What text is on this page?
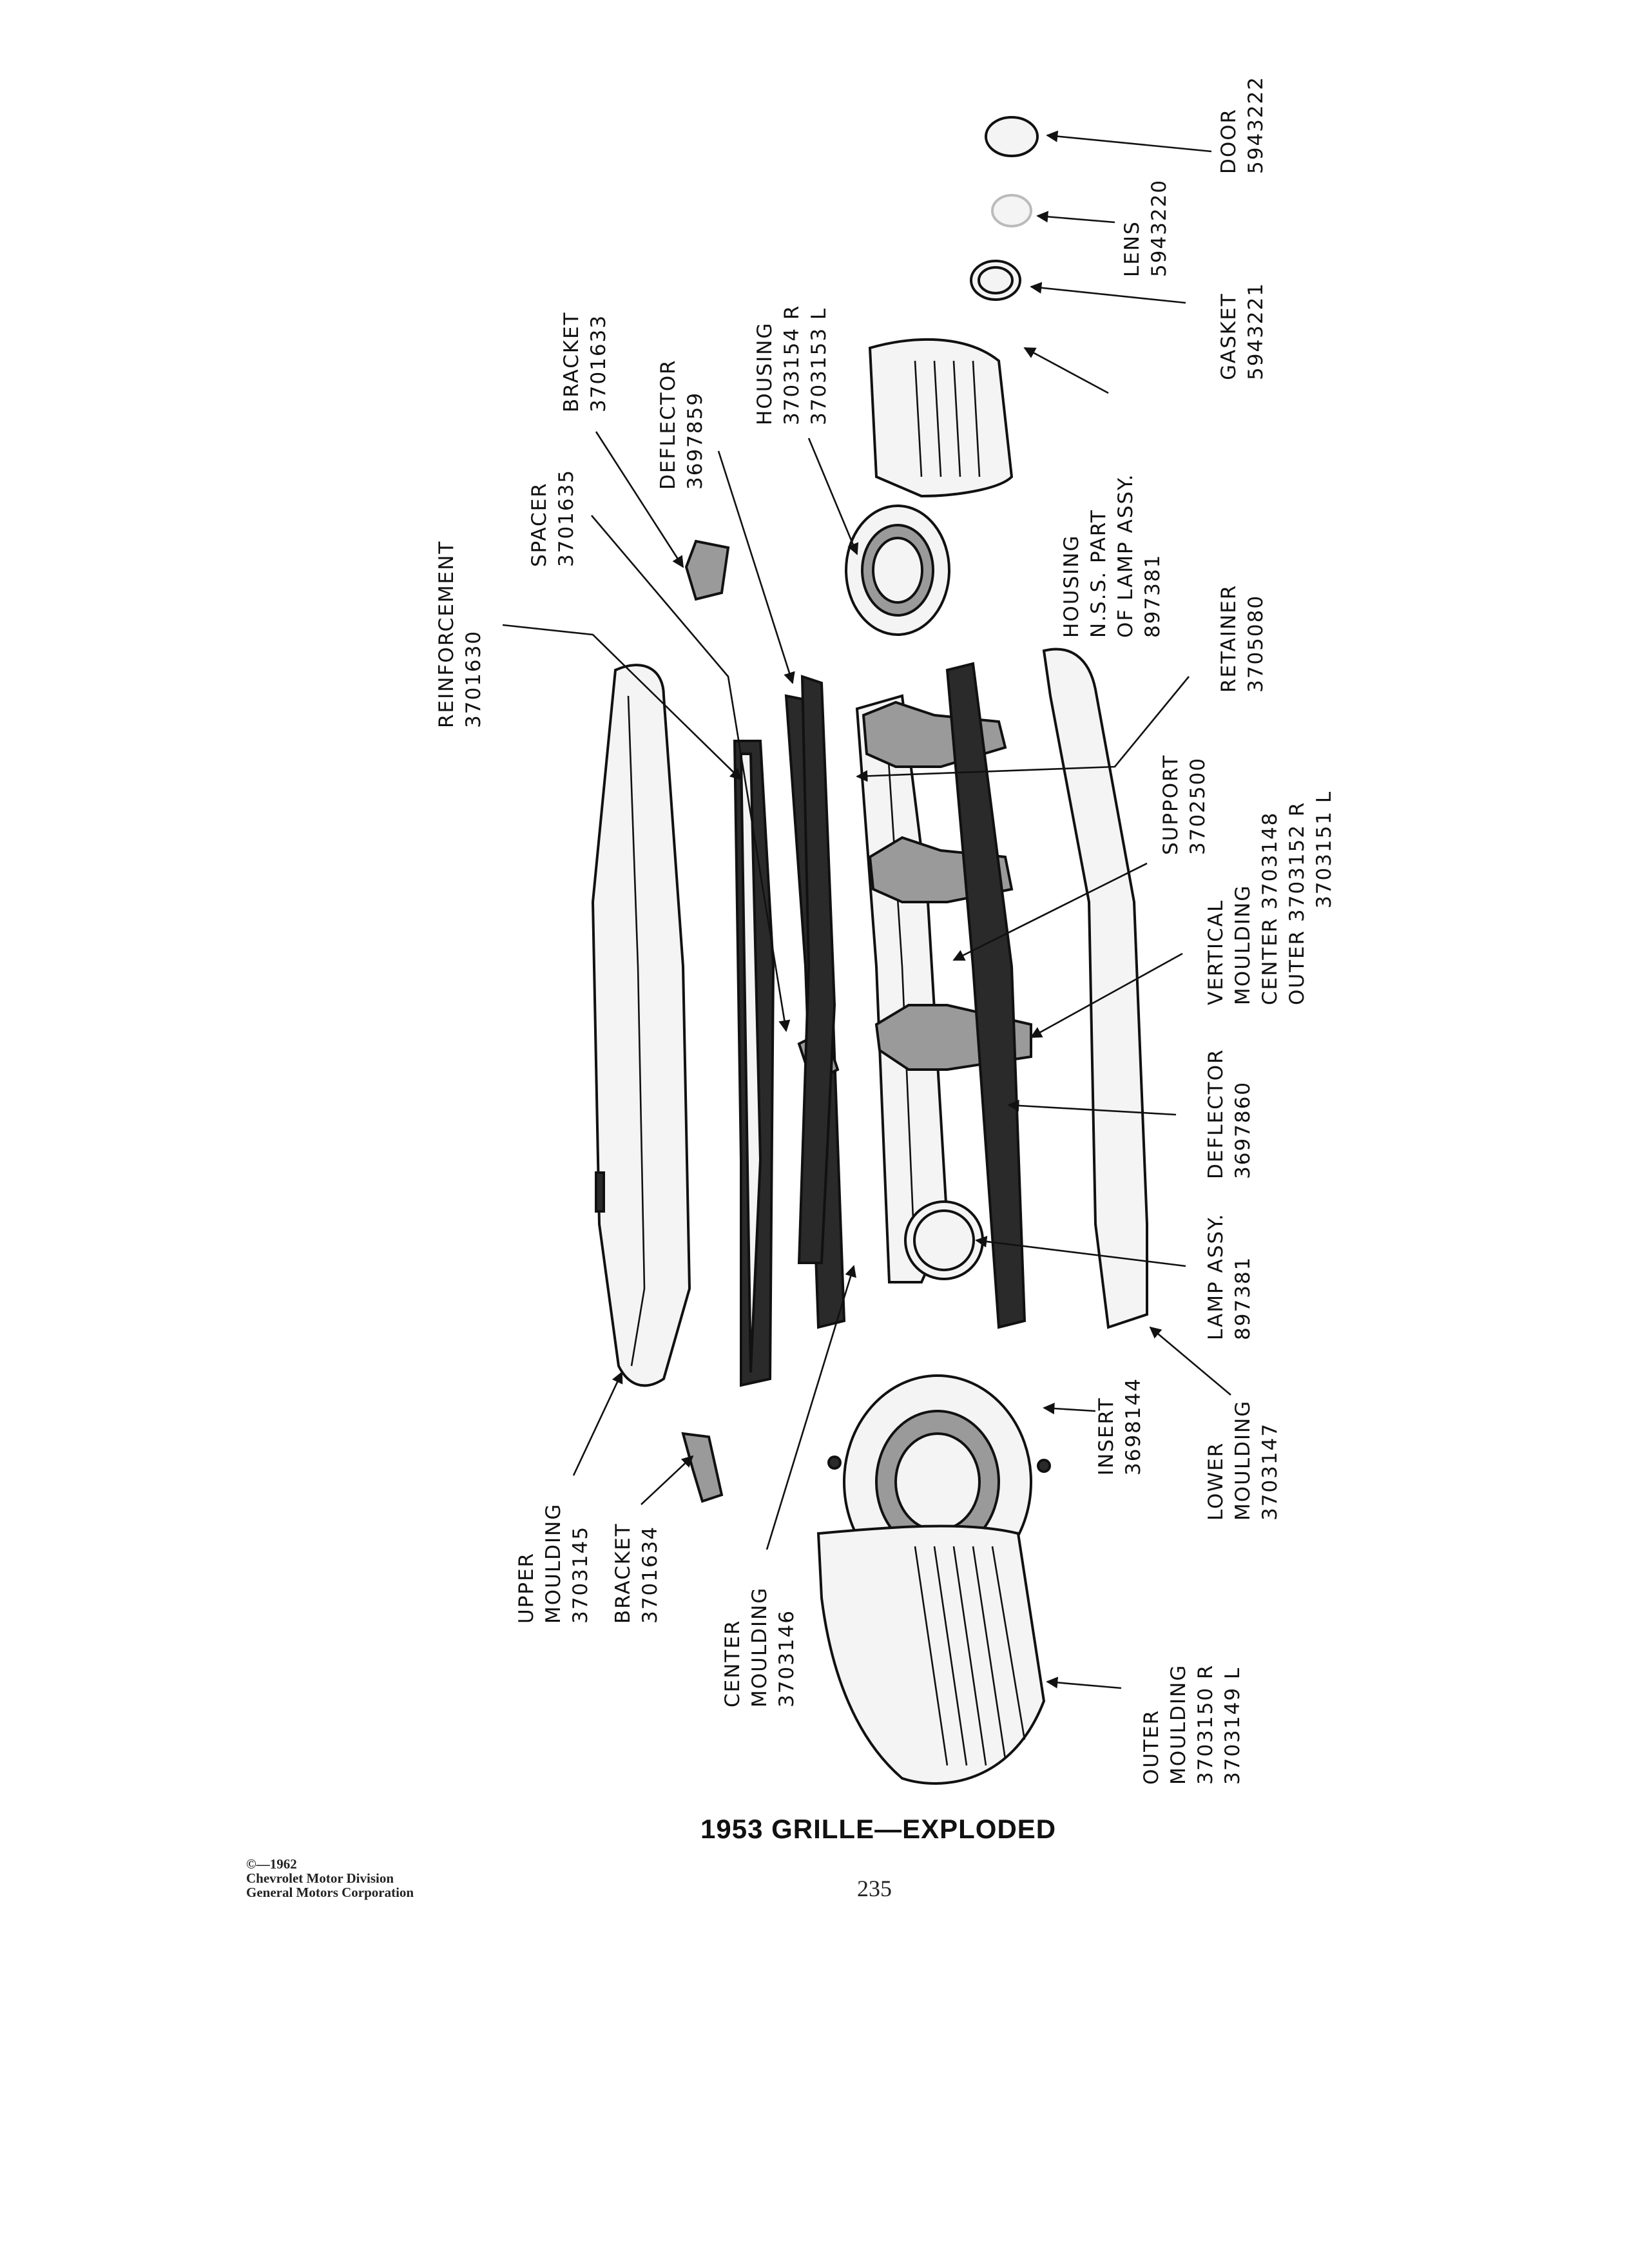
REINFORCEMENT 3701630
SPACER 3701635
BRACKET 3701633 DEFLECTOR 3697859
HOUSING 3703154 R 3703153 L
DOOR 5943222
LENS 5943220
GASKET 5943221
HOUSING N.S.S. PART OF LAMP ASSY. 897381	RETAINER 3705080
SUPPORT 3702500
VERTICAL MOULDING CENTER 3703148 OUTER 3703152 R 3703151 L
DEFLECTOR 3697860
LAMP ASSY. 897381
LOWER MOULDING 3703147
INSERT 3698144
UPPER MOULDING 3703145 BRACKET 3701634
CENTER MOULDING 3703146
OUTER MOULDING 3703150 R 3703149 L
1953 GRILLE—EXPLODED
©—1962
Chevrolet Motor Division
General Motors Corporation	235
